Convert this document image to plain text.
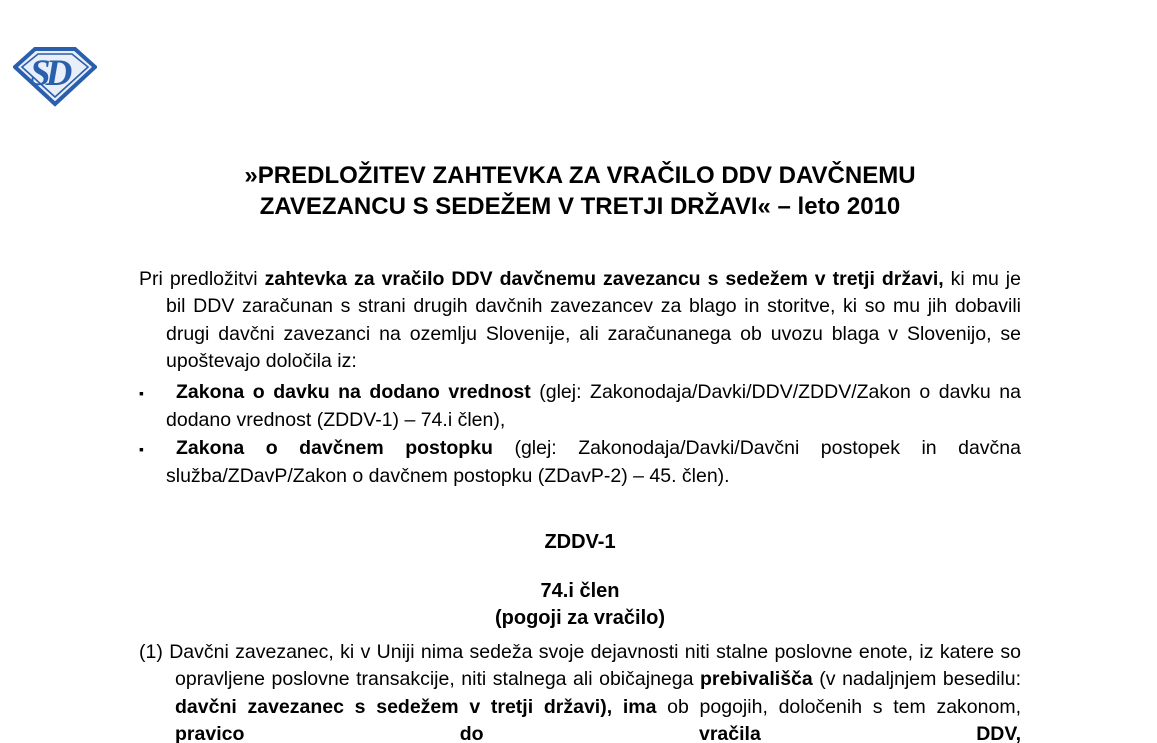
SD
»PREDLOŽITEV ZAHTEVKA ZA VRAČILO DDV DAVČNEMU
ZAVEZANCU S SEDEŽEM V TRETJI DRŽAVI« – leto 2010
Pri predložitvi zahtevka za vračilo DDV davčnemu zavezancu s sedežem v tretji državi, ki mu je bil DDV zaračunan s strani drugih davčnih zavezancev za blago in storitve, ki so mu jih dobavili drugi davčni zavezanci na ozemlju Slovenije, ali zaračunanega ob uvozu blaga v Slovenijo, se upoštevajo določila iz:
▪ Zakona o davku na dodano vrednost (glej: Zakonodaja/Davki/DDV/ZDDV/Zakon o davku na dodano vrednost (ZDDV-1) – 74.i člen),
▪ Zakona o davčnem postopku (glej: Zakonodaja/Davki/Davčni postopek in davčna služba/ZDavP/Zakon o davčnem postopku (ZDavP-2) – 45. člen).
ZDDV-1
74.i člen
(pogoji za vračilo)
(1) Davčni zavezanec, ki v Uniji nima sedeža svoje dejavnosti niti stalne poslovne enote, iz katere so opravljene poslovne transakcije, niti stalnega ali običajnega prebivališča (v nadaljnjem besedilu: davčni zavezanec s sedežem v tretji državi), ima ob pogojih, določenih s tem zakonom, pravico do vračila DDV,
